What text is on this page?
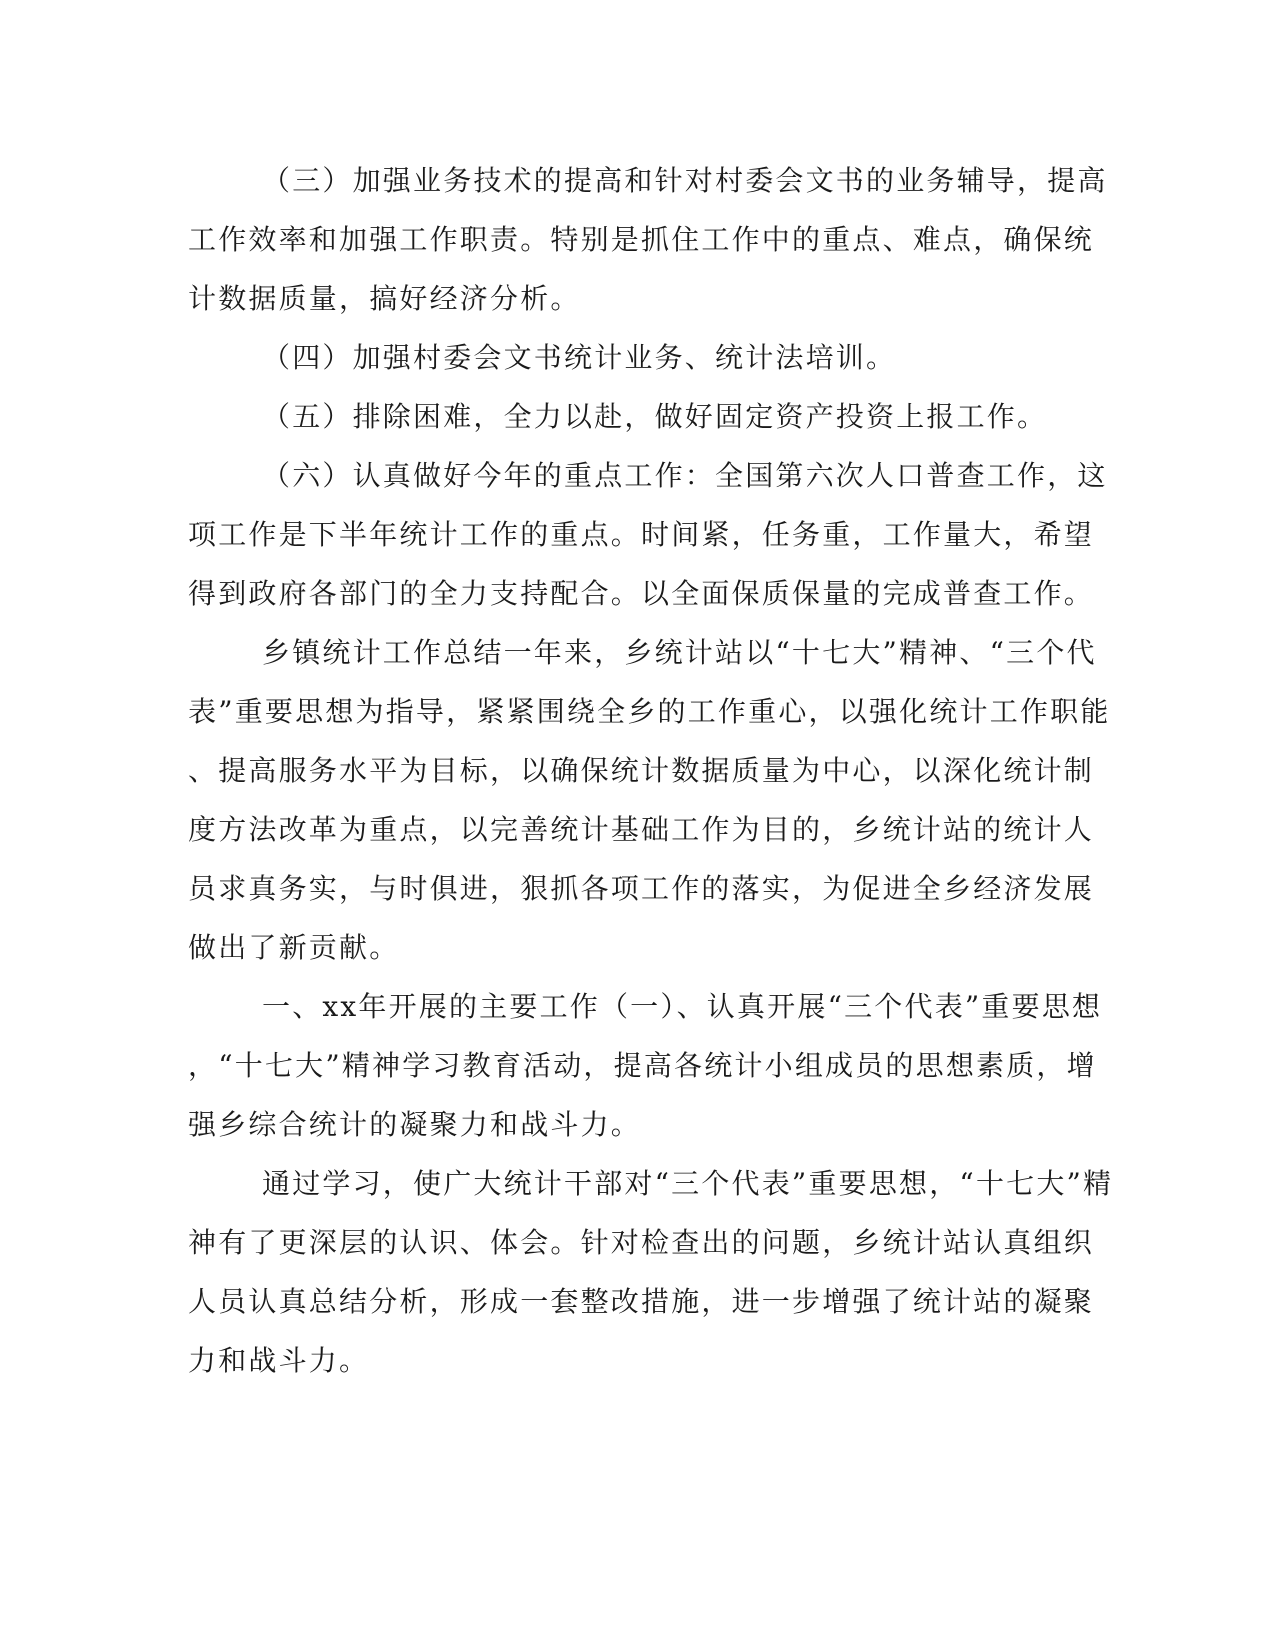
（三）加强业务技术的提高和针对村委会文书的业务辅导，提高
工作效率和加强工作职责。特别是抓住工作中的重点、难点，确保统
计数据质量，搞好经济分析。
（四）加强村委会文书统计业务、统计法培训。
（五）排除困难，全力以赴，做好固定资产投资上报工作。
（六）认真做好今年的重点工作：全国第六次人口普查工作，这
项工作是下半年统计工作的重点。时间紧，任务重，工作量大，希望
得到政府各部门的全力支持配合。以全面保质保量的完成普查工作。
乡镇统计工作总结一年来，乡统计站以“十七大”精神、“三个代
表”重要思想为指导，紧紧围绕全乡的工作重心，以强化统计工作职能
、提高服务水平为目标，以确保统计数据质量为中心，以深化统计制
度方法改革为重点，以完善统计基础工作为目的，乡统计站的统计人
员求真务实，与时俱进，狠抓各项工作的落实，为促进全乡经济发展
做出了新贡献。
一、xx年开展的主要工作（一）、认真开展“三个代表”重要思想
，“十七大”精神学习教育活动，提高各统计小组成员的思想素质，增
强乡综合统计的凝聚力和战斗力。
通过学习，使广大统计干部对“三个代表”重要思想，“十七大”精
神有了更深层的认识、体会。针对检查出的问题，乡统计站认真组织
人员认真总结分析，形成一套整改措施，进一步增强了统计站的凝聚
力和战斗力。
